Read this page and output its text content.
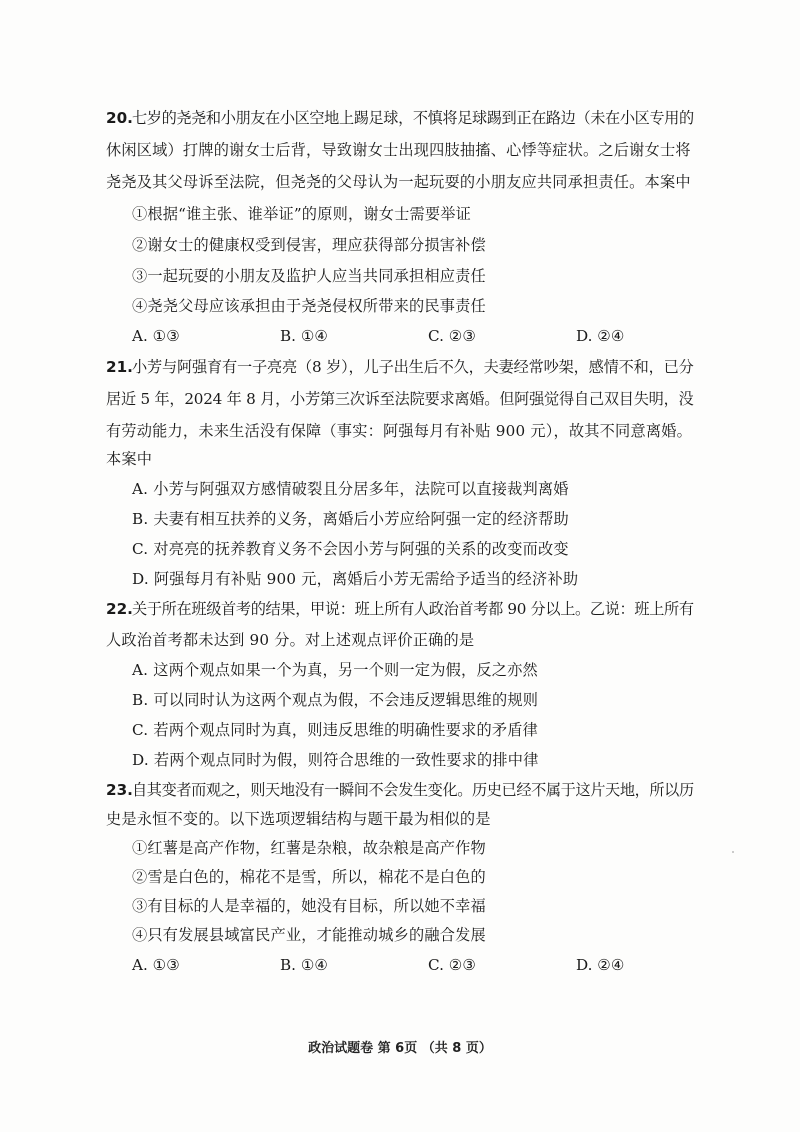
20. 七岁的尧尧和小朋友在小区空地上踢足球，不慎将足球踢到正在路边（未在小区专用的
休闲区域）打牌的谢女士后背，导致谢女士出现四肢抽搐、心悸等症状。之后谢女士将
尧尧及其父母诉至法院，但尧尧的父母认为一起玩耍的小朋友应共同承担责任。本案中
①根据“谁主张、谁举证”的原则，谢女士需要举证
②谢女士的健康权受到侵害，理应获得部分损害补偿
③一起玩耍的小朋友及监护人应当共同承担相应责任
④尧尧父母应该承担由于尧尧侵权所带来的民事责任
A. ①③	B. ①④	C. ②③	D. ②④
21. 小芳与阿强育有一子亮亮（8 岁），儿子出生后不久，夫妻经常吵架，感情不和，已分
居近 5 年，2024 年 8 月，小芳第三次诉至法院要求离婚。但阿强觉得自己双目失明，没
有劳动能力，未来生活没有保障（事实：阿强每月有补贴 900 元），故其不同意离婚。
本案中
A. 小芳与阿强双方感情破裂且分居多年，法院可以直接裁判离婚
B. 夫妻有相互扶养的义务，离婚后小芳应给阿强一定的经济帮助
C. 对亮亮的抚养教育义务不会因小芳与阿强的关系的改变而改变
D. 阿强每月有补贴 900 元，离婚后小芳无需给予适当的经济补助
22. 关于所在班级首考的结果，甲说：班上所有人政治首考都 90 分以上。乙说：班上所有
人政治首考都未达到 90 分。对上述观点评价正确的是
A. 这两个观点如果一个为真，另一个则一定为假，反之亦然
B. 可以同时认为这两个观点为假，不会违反逻辑思维的规则
C. 若两个观点同时为真，则违反思维的明确性要求的矛盾律
D. 若两个观点同时为假，则符合思维的一致性要求的排中律
23. 自其变者而观之，则天地没有一瞬间不会发生变化。历史已经不属于这片天地，所以历
史是永恒不变的。以下选项逻辑结构与题干最为相似的是
①红薯是高产作物，红薯是杂粮，故杂粮是高产作物
②雪是白色的，棉花不是雪，所以，棉花不是白色的
③有目标的人是幸福的，她没有目标，所以她不幸福
④只有发展县域富民产业，才能推动城乡的融合发展
A. ①③	B. ①④	C. ②③	D. ②④
政治试题卷 第 6页 （共 8 页）
